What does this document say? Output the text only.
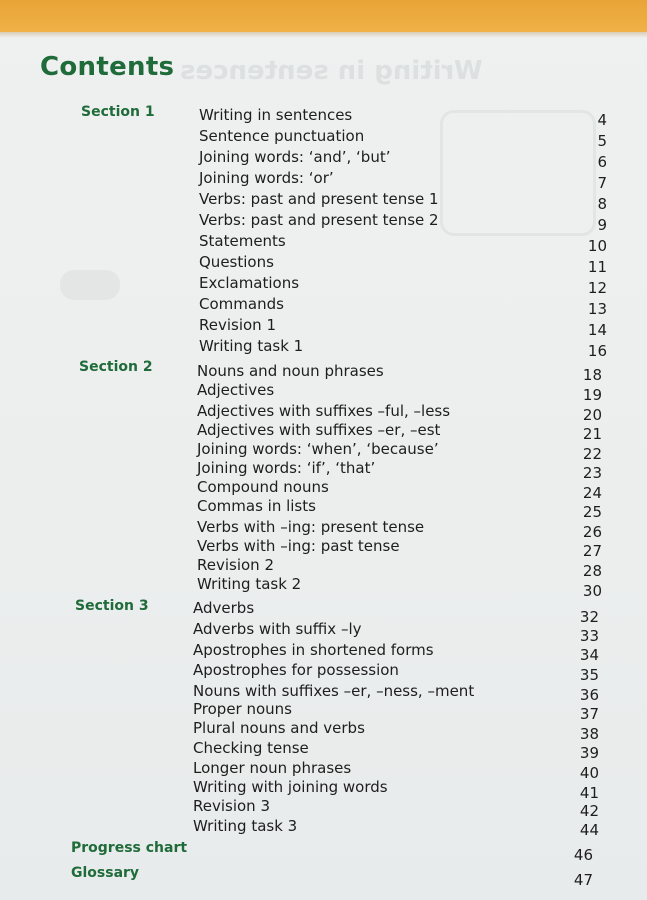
Writing in sentences
Contents
Section 1	Writing in sentences	4
Sentence punctuation	5
Joining words: ‘and’, ‘but’	6
Joining words: ‘or’	7
Verbs: past and present tense 1	8
Verbs: past and present tense 2	9
Statements	10
Questions	11
Exclamations	12
Commands	13
Revision 1	14
Writing task 1	16
Section 2	Nouns and noun phrases	18
Adjectives	19
Adjectives with suffixes –ful, –less	20
Adjectives with suffixes –er, –est	21
Joining words: ‘when’, ‘because’	22
Joining words: ‘if’, ‘that’	23
Compound nouns	24
Commas in lists	25
Verbs with –ing: present tense	26
Verbs with –ing: past tense	27
Revision 2	28
Writing task 2	30
Section 3	Adverbs	32
Adverbs with suffix –ly	33
Apostrophes in shortened forms	34
Apostrophes for possession	35
Nouns with suffixes –er, –ness, –ment	36
Proper nouns	37
Plural nouns and verbs	38
Checking tense	39
Longer noun phrases	40
Writing with joining words	41
Revision 3	42
Writing task 3	44
Progress chart	46
Glossary	47
